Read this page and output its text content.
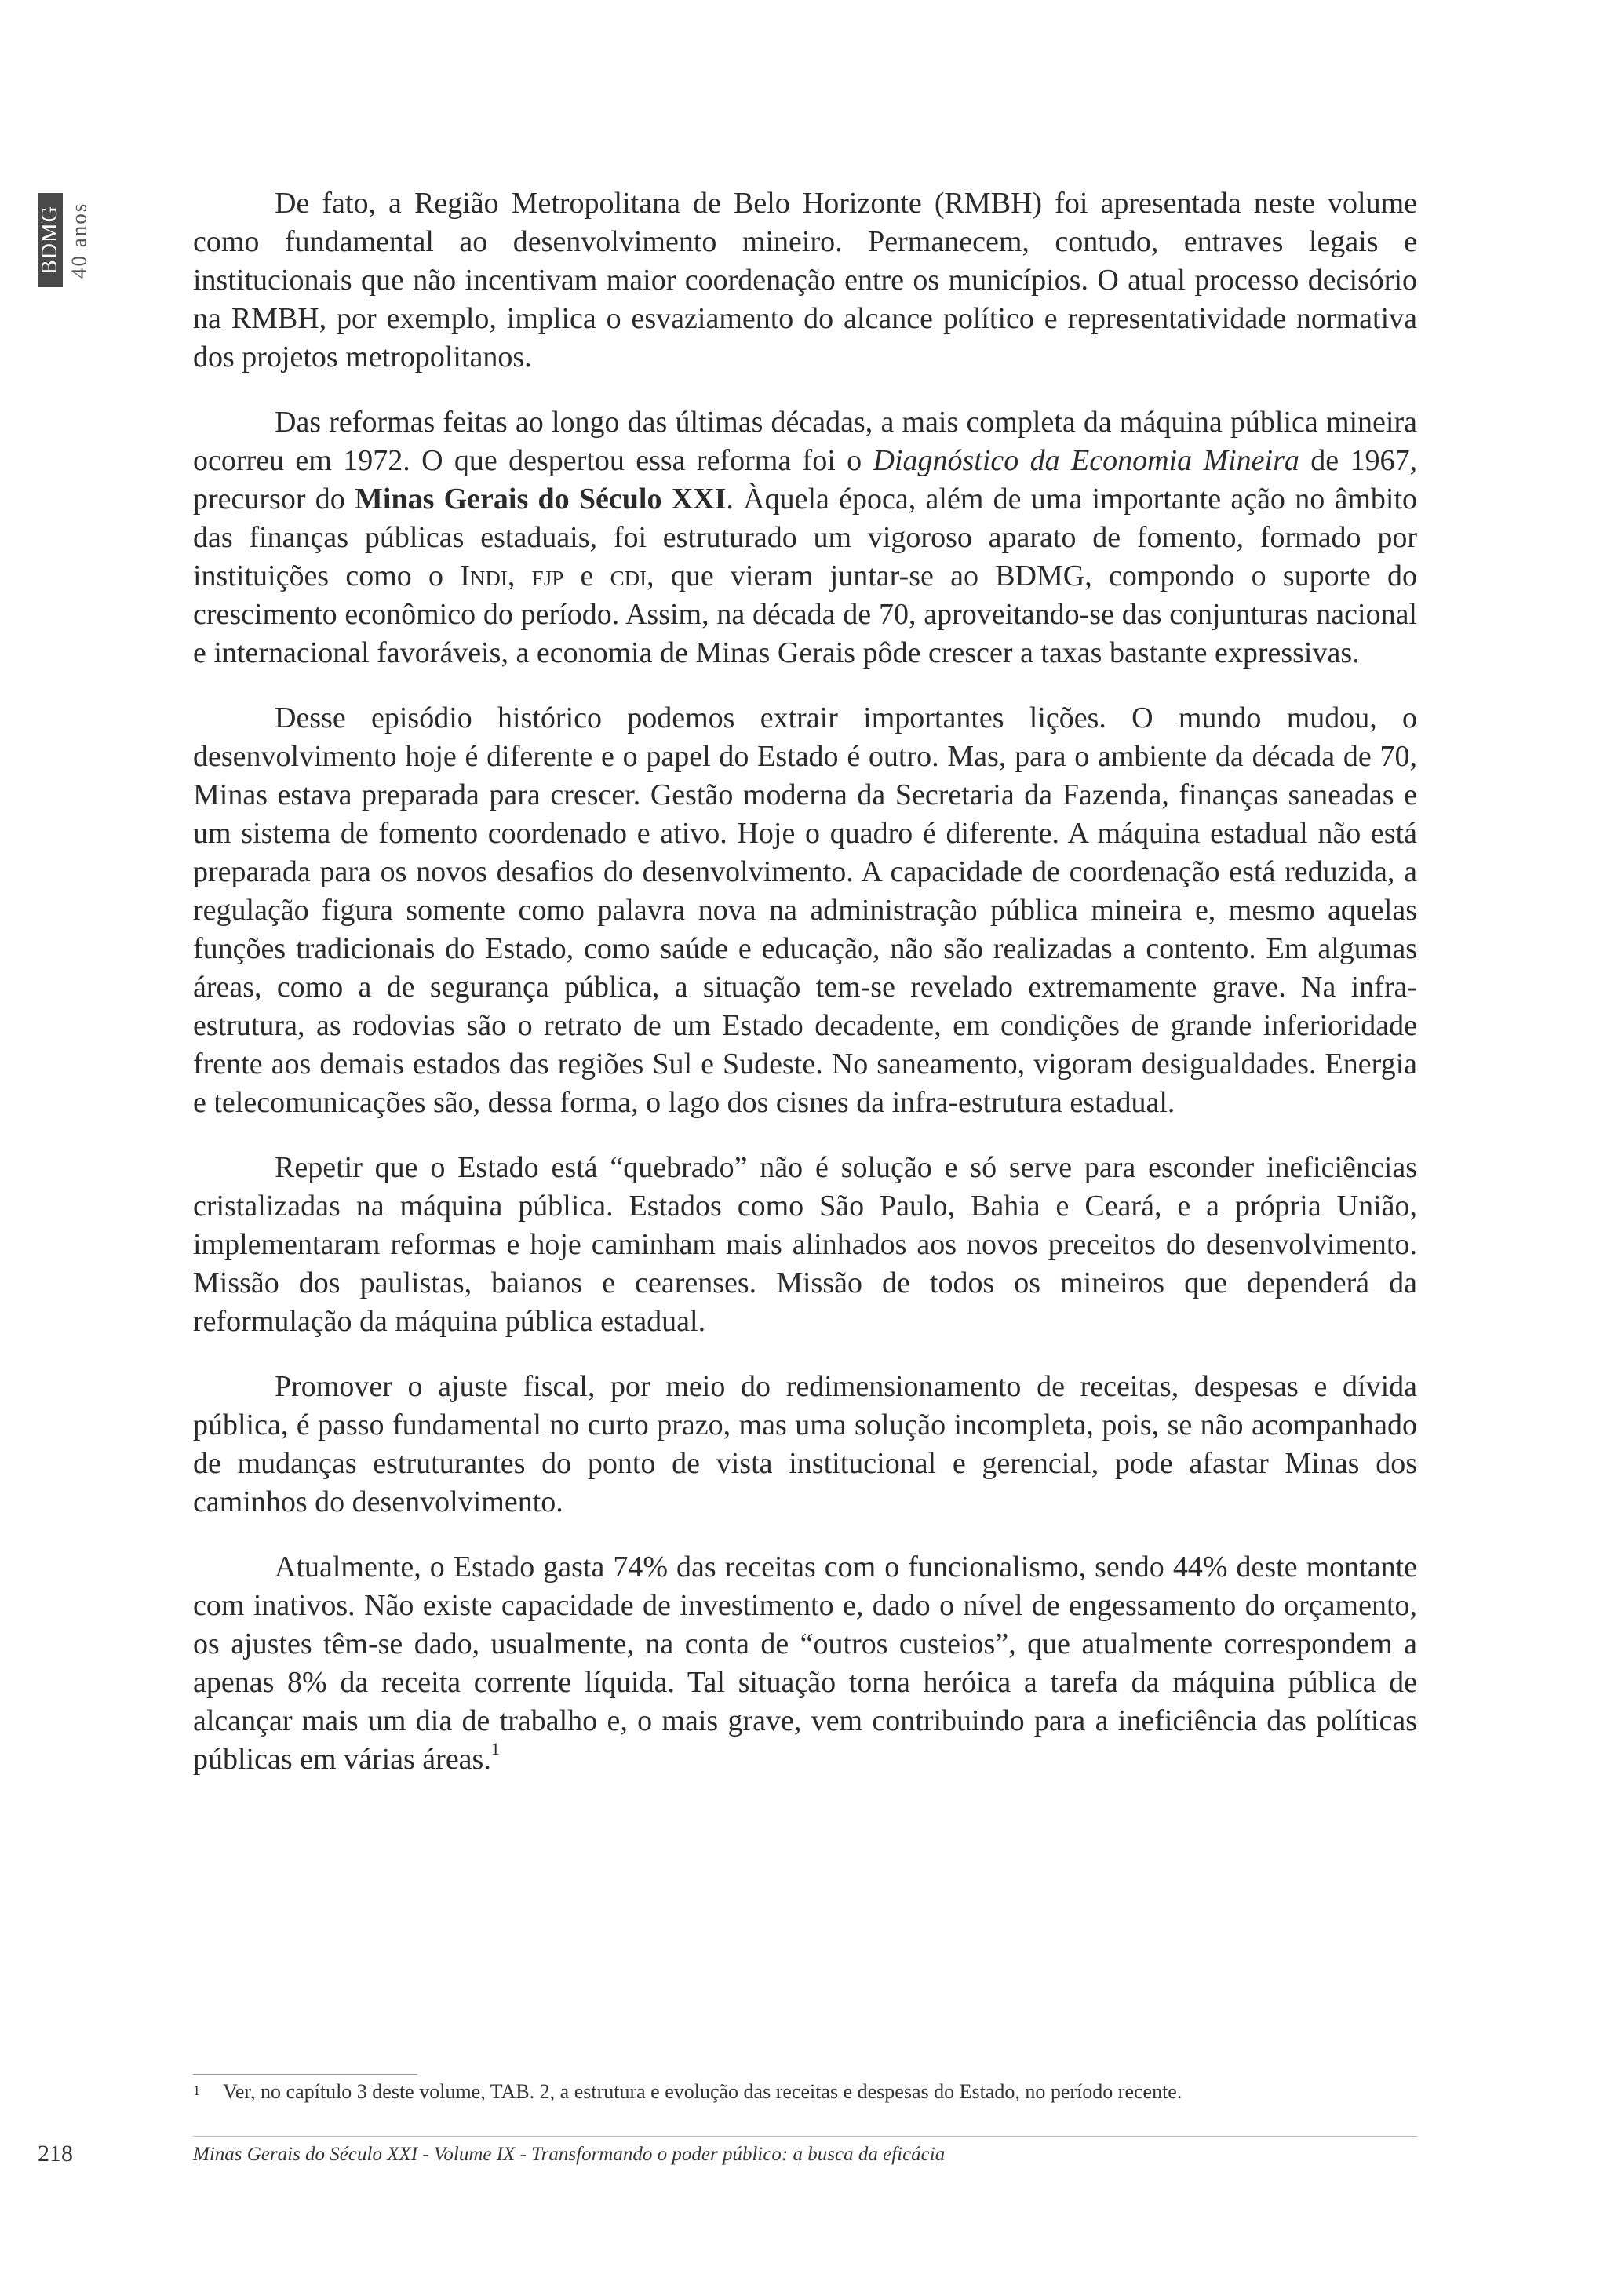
BDMG 40 anos	De fato, a Região Metropolitana de Belo Horizonte (RMBH) foi apresentada neste volume como fundamental ao desenvolvimento mineiro. Permanecem, contudo, entraves legais e institucionais que não incentivam maior coordenação entre os municípios. O atual processo decisório na RMBH, por exemplo, implica o esvaziamento do alcance político e representatividade normativa dos projetos metropolitanos.

Das reformas feitas ao longo das últimas décadas, a mais completa da máquina pública mineira ocorreu em 1972. O que despertou essa reforma foi o Diagnóstico da Economia Mineira de 1967, precursor do Minas Gerais do Século XXI. Àquela época, além de uma importante ação no âmbito das finanças públicas estaduais, foi estruturado um vigoroso aparato de fomento, formado por instituições como o Indi, fjp e cdi, que vieram juntar-se ao BDMG, compondo o suporte do crescimento econômico do período. Assim, na década de 70, aproveitando-se das conjunturas nacional e internacional favoráveis, a economia de Minas Gerais pôde crescer a taxas bastante expressivas.

Desse episódio histórico podemos extrair importantes lições. O mundo mudou, o desenvolvimento hoje é diferente e o papel do Estado é outro. Mas, para o ambiente da década de 70, Minas estava preparada para crescer. Gestão moderna da Secretaria da Fazenda, finanças saneadas e um sistema de fomento coordenado e ativo. Hoje o quadro é diferente. A máquina estadual não está preparada para os novos desafios do desenvolvimento. A capacidade de coordenação está reduzida, a regulação figura somente como palavra nova na administração pública mineira e, mesmo aquelas funções tradicionais do Estado, como saúde e educação, não são realizadas a contento. Em algumas áreas, como a de segurança pública, a situação tem-se revelado extremamente grave. Na infra-estrutura, as rodovias são o retrato de um Estado decadente, em condições de grande inferioridade frente aos demais estados das regiões Sul e Sudeste. No saneamento, vigoram desigualdades. Energia e telecomunicações são, dessa forma, o lago dos cisnes da infra-estrutura estadual.

Repetir que o Estado está “quebrado” não é solução e só serve para esconder ineficiências cristalizadas na máquina pública. Estados como São Paulo, Bahia e Ceará, e a própria União, implementaram reformas e hoje caminham mais alinhados aos novos preceitos do desenvolvimento. Missão dos paulistas, baianos e cearenses. Missão de todos os mineiros que dependerá da reformulação da máquina pública estadual.

Promover o ajuste fiscal, por meio do redimensionamento de receitas, despesas e dívida pública, é passo fundamental no curto prazo, mas uma solução incompleta, pois, se não acompanhado de mudanças estruturantes do ponto de vista institucional e gerencial, pode afastar Minas dos caminhos do desenvolvimento.

Atualmente, o Estado gasta 74% das receitas com o funcionalismo, sendo 44% deste montante com inativos. Não existe capacidade de investimento e, dado o nível de engessamento do orçamento, os ajustes têm-se dado, usualmente, na conta de “outros custeios”, que atualmente correspondem a apenas 8% da receita corrente líquida. Tal situação torna heróica a tarefa da máquina pública de alcançar mais um dia de trabalho e, o mais grave, vem contribuindo para a ineficiência das políticas públicas em várias áreas.$^1$

1 Ver, no capítulo 3 deste volume, TAB. 2, a estrutura e evolução das receitas e despesas do Estado, no período recente.
218	Minas Gerais do Século XXI - Volume IX - Transformando o poder público: a busca da eficácia
